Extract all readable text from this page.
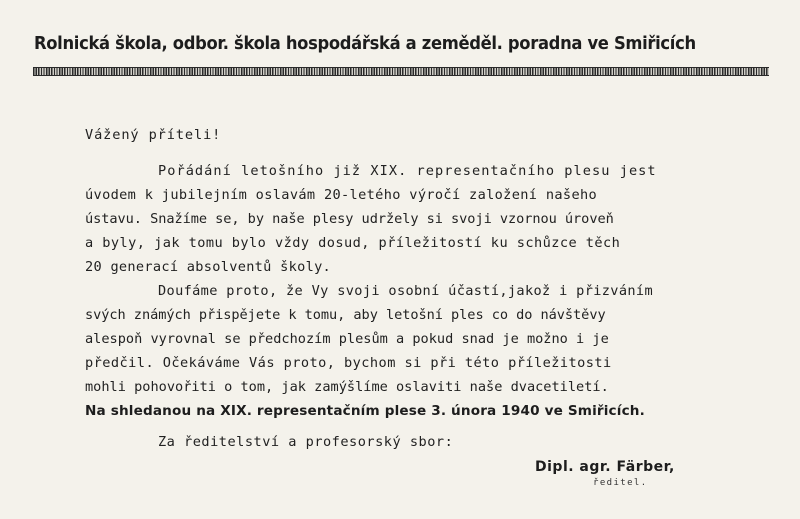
Rolnická škola, odbor. škola hospodářská a zeměděl. poradna ve Smiřicích
Vážený příteli!
Pořádání letošního již XIX. representačního plesu jest
úvodem k jubilejním oslavám 20-letého výročí založení našeho
ústavu. Snažíme se, by naše plesy udržely si svoji vzornou úroveň
a byly, jak tomu bylo vždy dosud, příležitostí ku schůzce těch
20 generací absolventů školy.
Doufáme proto, že Vy svoji osobní účastí,jakož i přizváním
svých známých přispějete k tomu, aby letošní ples co do návštěvy
alespoň vyrovnal se předchozím plesům a pokud snad je možno i je
předčil. Očekáváme Vás proto, bychom si při této příležitosti
mohli pohovořiti o tom, jak zamýšlíme oslaviti naše dvacetiletí.
Na shledanou na XIX. representačním plese 3. února 1940 ve Smiřicích.
Za ředitelství a profesorský sbor:
Dipl. agr. Färber,
ředitel.
